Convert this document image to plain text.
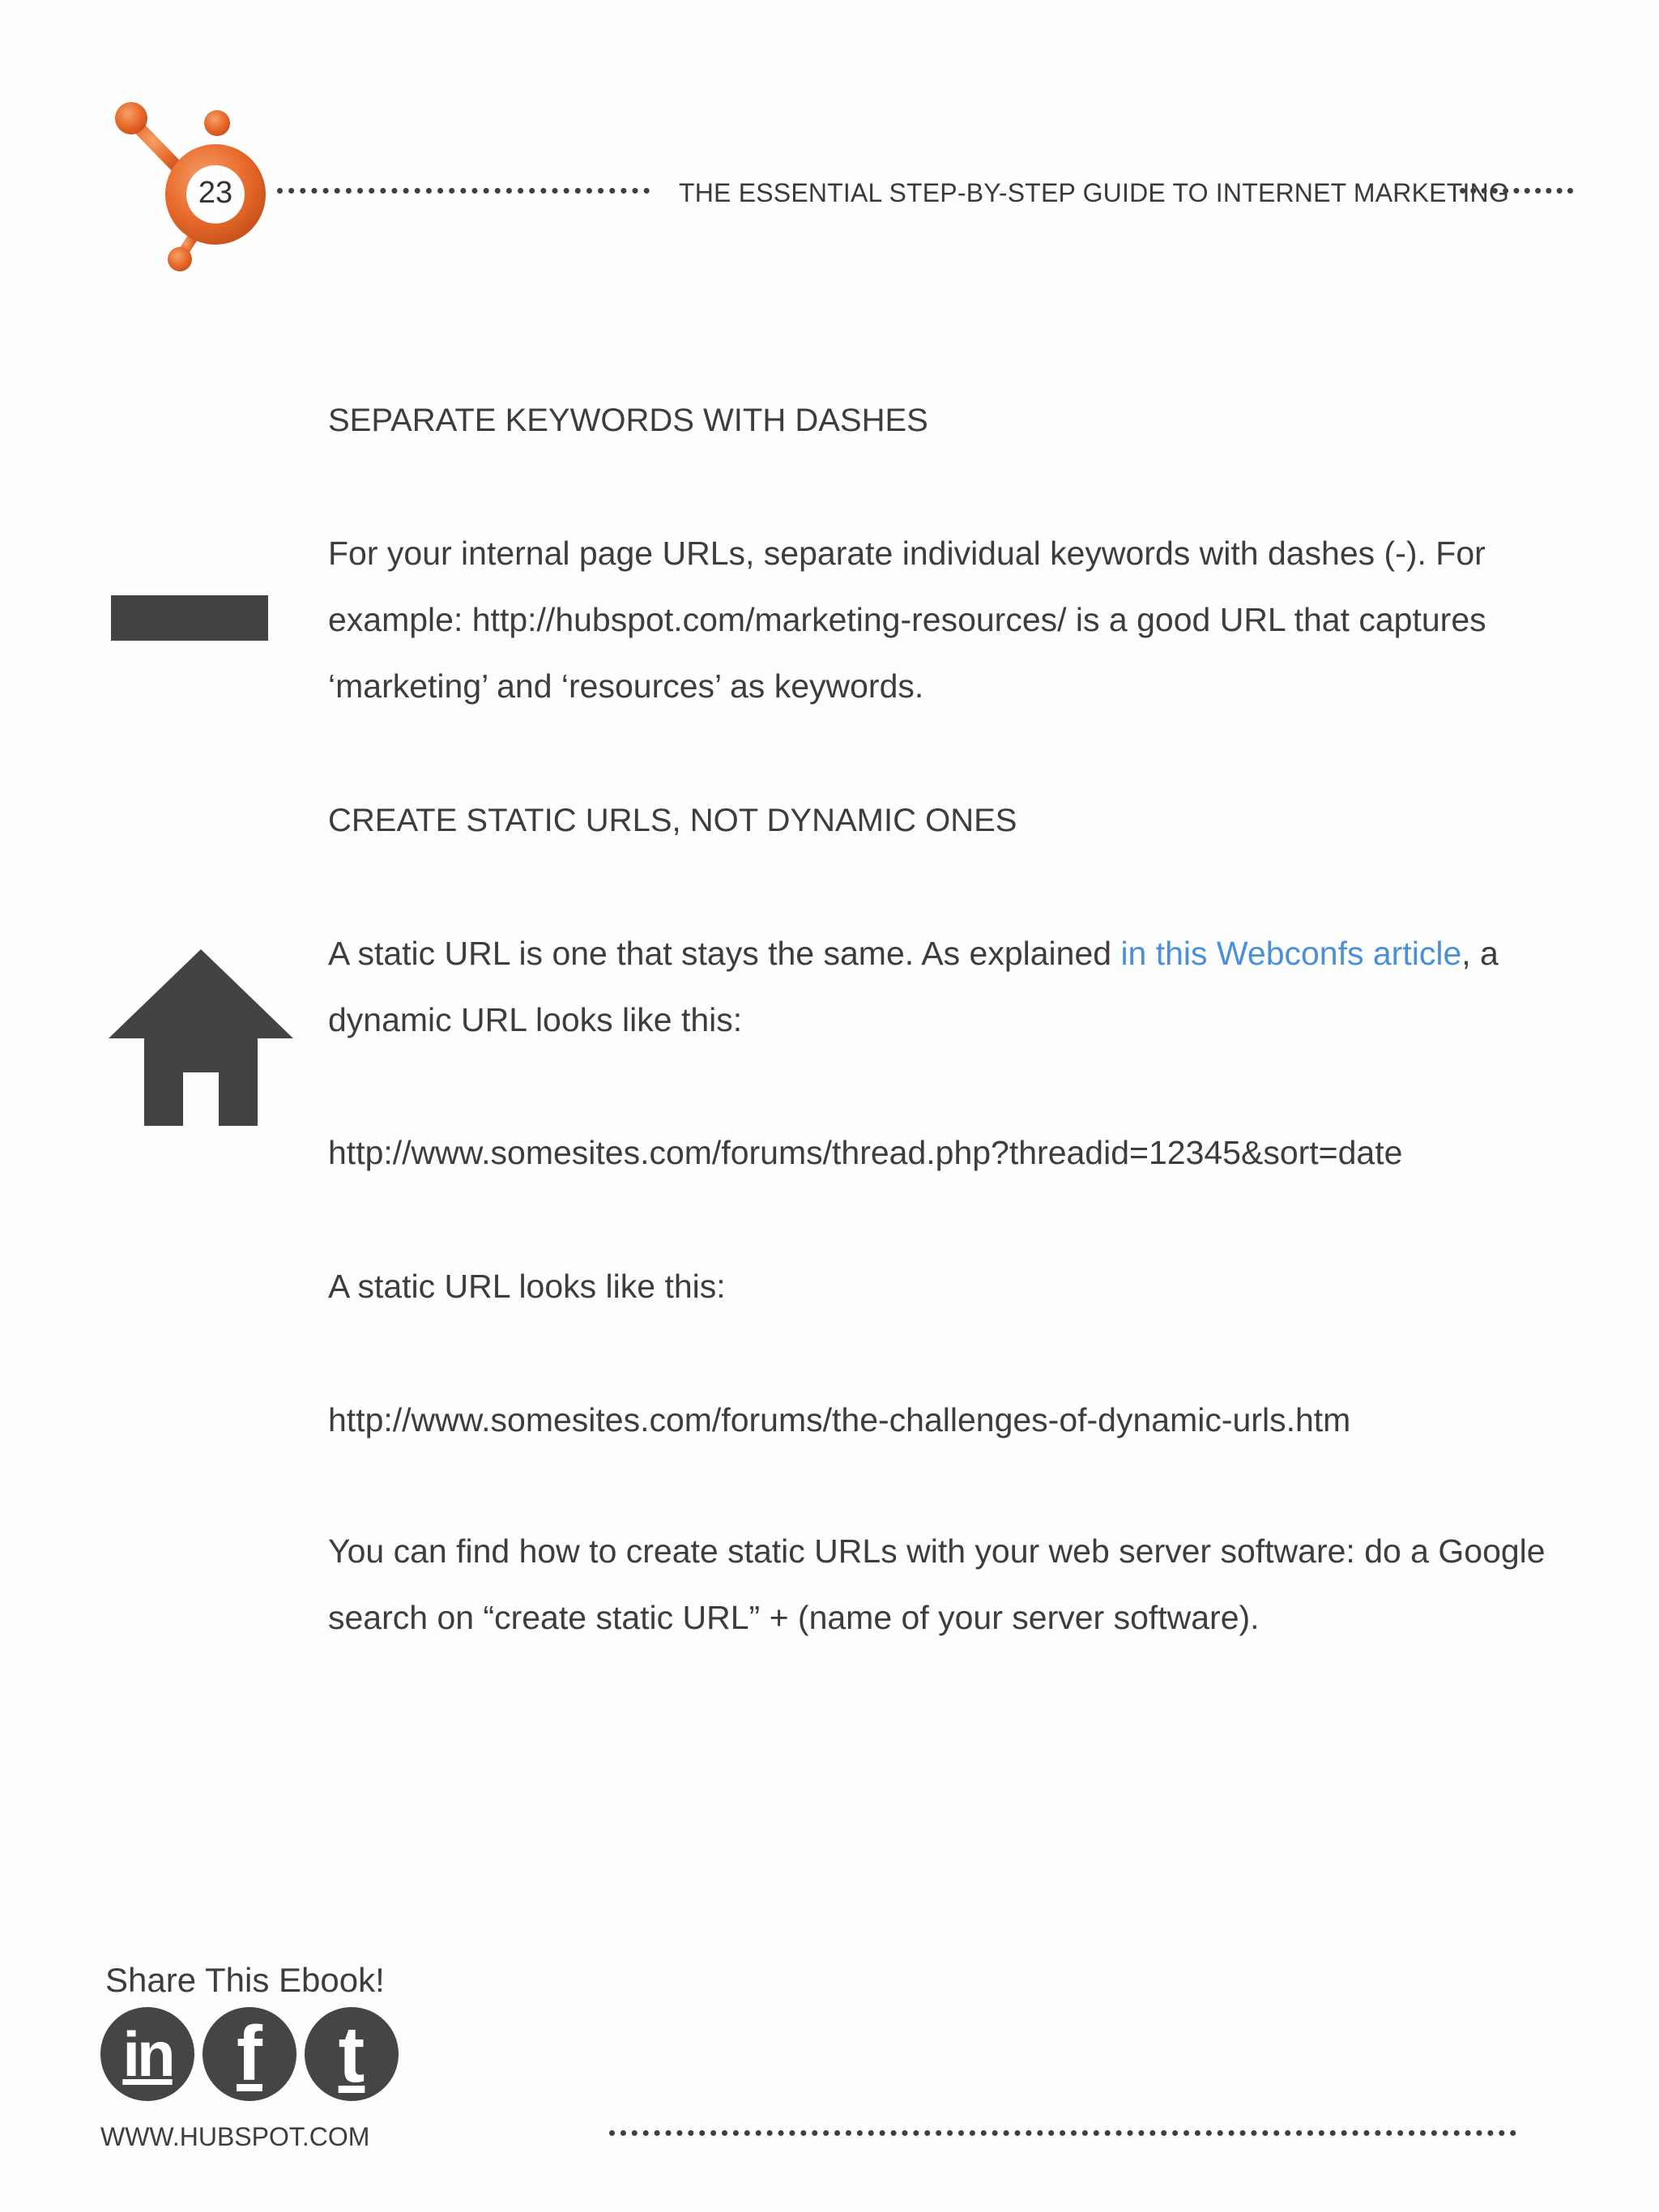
23	THE ESSENTIAL STEP-BY-STEP GUIDE TO INTERNET MARKETING
SEPARATE KEYWORDS WITH DASHES
For your internal page URLs, separate individual keywords with dashes (-). For example: http://hubspot.com/marketing-resources/ is a good URL that captures ‘marketing’ and ‘resources’ as keywords.
CREATE STATIC URLS, NOT DYNAMIC ONES
A static URL is one that stays the same. As explained in this Webconfs article, a dynamic URL looks like this:
http://www.somesites.com/forums/thread.php?threadid=12345&sort=date
A static URL looks like this:
http://www.somesites.com/forums/the-challenges-of-dynamic-urls.htm
You can find how to create static URLs with your web server software: do a Google search on “create static URL” + (name of your server software).
Share This Ebook!
in f t
WWW.HUBSPOT.COM
